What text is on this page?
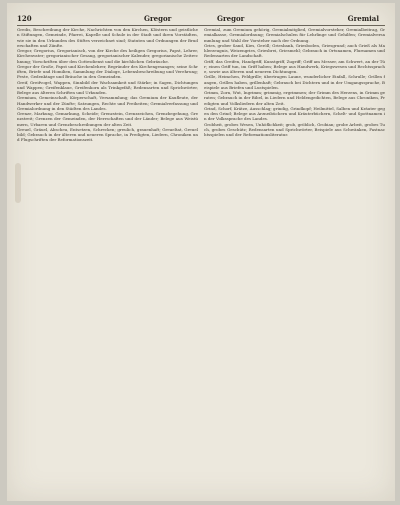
120	Gregor	Gregor	Gremial

Gredis, Beschreibung der Kirche, Nachrichten von den Kirchen, Klöstern und geistlichen Stiftungen, Gemeinde, Pfarrei, Kapelle und Schule in der Stadt und ihren Vorstädten, wie sie in den Urkunden des Stiftes verzeichnet sind; Statuten und Ordnungen der Bruderschaften und Zünfte.

Gregor, Gregorius, Gregorianisch, von der Kirche des heiligen Gregorius, Papst, Lehrer, Kirchenvater; gregorianischer Gesang, gregorianischer Kalender, gregorianische Zeitrechnung; Vorschriften über den Gottesdienst und die kirchlichen Gebräuche.

Gregor der Große, Papst und Kirchenlehrer, Begründer des Kirchengesanges; seine Schriften, Briefe und Homilien, Sammlung der Dialoge, Lebensbeschreibung und Verehrung; Feste, Gedenktage und Bräuche in den Gemeinden.

Greif, Greifvogel, Wappen, Sinnbild der Wachsamkeit und Stärke; in Sagen, Dichtungen und Wappen; Greifenklaue, Greifenhorn als Trinkgefäß; Redensarten und Sprichwörter, Belege aus älteren Schriften und Urkunden.

Gremium, Gemeinschaft, Körperschaft, Versammlung; das Gremium der Kaufleute, der Handwerker und der Zünfte; Satzungen, Rechte und Freiheiten; Gremialverfassung und Gremialordnung in den Städten des Landes.

Grenze, Markung, Gemarkung, Scheide; Grenzstein, Grenzzeichen, Grenzbegehung, Grenzstreit; Grenzen der Gemeinden, der Herrschaften und der Länder; Belege aus Weistümern, Urbaren und Grenzbeschreibungen der alten Zeit.

Greuel, Gräuel, Abscheu, Entsetzen, Schrecken; greulich, grauenhaft; Greueltat, Greuelbild; Gebrauch in der älteren und neueren Sprache, in Predigten, Liedern, Chroniken und Flugschriften der Reformationszeit.

Gremial, zum Gremium gehörig, Gremialmitglied, Gremialvorsteher, Gremialbeitrag, Gremialkasse, Gremialordnung; Gremialschulen für Lehrlinge und Gehilfen; Gremialversammlung und Wahl der Vorsteher nach der Ordnung.

Gries, grober Sand, Kies, Geröll; Griesbank, Griesboden, Griesgrund; auch Grieß als Mahlerzeugnis, Weizengries, Griesbrei, Griesmehl; Gebrauch in Ortsnamen, Flurnamen und Redensarten der Landschaft.

Griff, das Greifen, Handgriff, Kunstgriff, Zugriff; Griff am Messer, am Schwert, an der Tür; einen Griff tun, im Griff haben; Belege aus Handwerk, Kriegswesen und Rechtssprache, sowie aus älteren und neueren Dichtungen.

Grille, Heimchen, Feldgrille; übertragen Laune, wunderlicher Einfall, Schrulle; Grillen fangen, Grillen haben, grillenhaft; Gebrauch bei Dichtern und in der Umgangssprache, Beispiele aus Briefen und Lustspielen.

Grimm, Zorn, Wut, Ingrimm; grimmig, ergrimmen; der Grimm des Herzens, in Grimm geraten; Gebrauch in der Bibel, in Liedern und Heldengedichten, Belege aus Chroniken, Predigten und Volksliedern der alten Zeit.

Grind, Schorf, Krätze, Ausschlag; grindig, Grindkopf; Heilmittel, Salben und Kräuter gegen den Grind; Belege aus Arzneibüchern und Kräuterbüchern, Schelt- und Spottnamen in der Volkssprache des Landes.

Grobheit, grobes Wesen, Unhöflichkeit; grob, gröblich, Grobian; grobe Arbeit, grobes Tuch, grobes Geschütz; Redensarten und Sprichwörter, Beispiele aus Schwänken, Fastnachtsspielen und der Reformationsliteratur.
